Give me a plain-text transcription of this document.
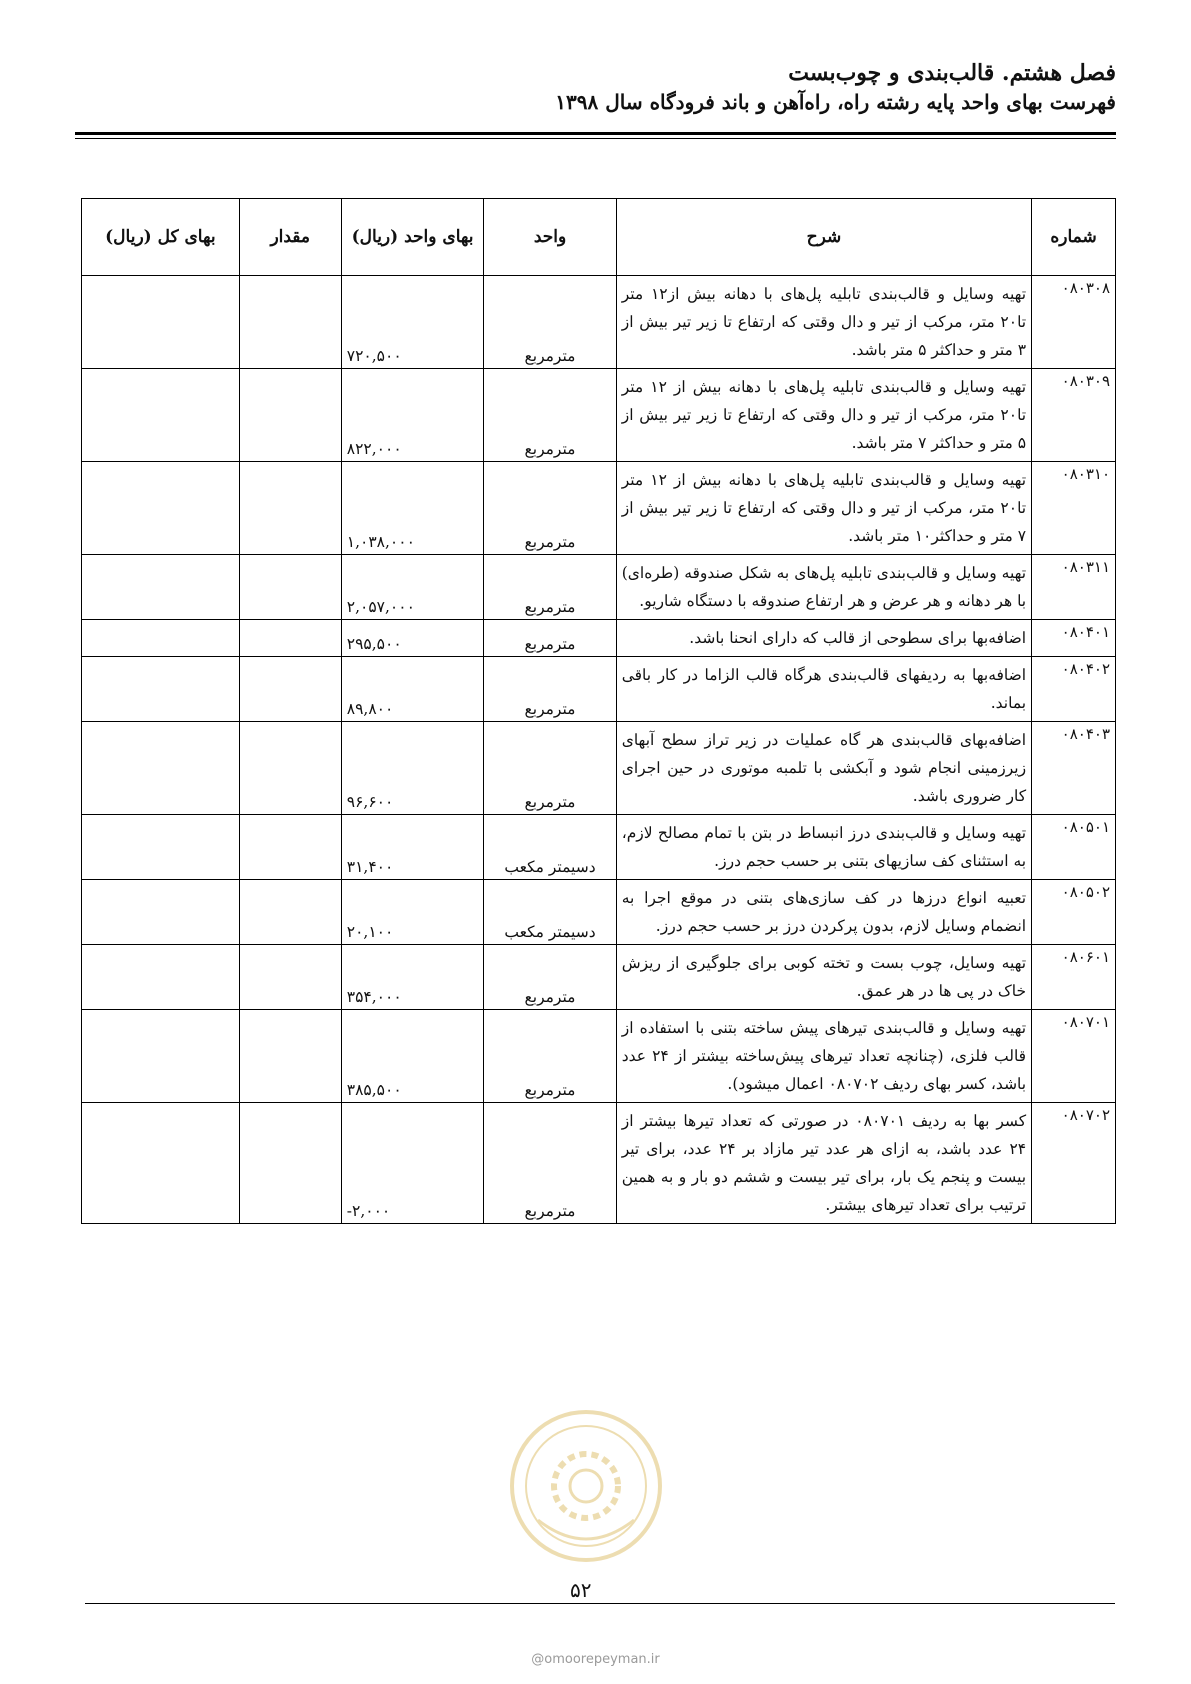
فصل هشتم. قالب‌بندی و چوب‌بست
فهرست بهای واحد پایه رشته راه، راه‌آهن و باند فرودگاه سال ۱۳۹۸
شماره	شرح	واحد	بهای واحد (ریال)	مقدار	بهای کل (ریال)
۰۸۰۳۰۸	تهیه وسایل و قالب‌بندی تابلیه پل‌های با دهانه بیش از۱۲ متر تا۲۰ متر، مرکب از تیر و دال وقتی که ارتفاع تا زیر تیر بیش از ۳ متر و حداکثر ۵ متر باشد.	مترمربع	۷۲۰,۵۰۰		
۰۸۰۳۰۹	تهیه وسایل و قالب‌بندی تابلیه پل‌های با دهانه بیش از ۱۲ متر تا۲۰ متر، مرکب از تیر و دال وقتی که ارتفاع تا زیر تیر بیش از ۵ متر و حداکثر ۷ متر باشد.	مترمربع	۸۲۲,۰۰۰		
۰۸۰۳۱۰	تهیه وسایل و قالب‌بندی تابلیه پل‌های با دهانه بیش از ۱۲ متر تا۲۰ متر، مرکب از تیر و دال وقتی که ارتفاع تا زیر تیر بیش از ۷ متر و حداکثر۱۰ متر باشد.	مترمربع	۱,۰۳۸,۰۰۰		
۰۸۰۳۱۱	تهیه وسایل و قالب‌بندی تابلیه پل‌های به شکل صندوقه (طره‌ای) با هر دهانه و هر عرض و هر ارتفاع صندوقه با دستگاه شاریو.	مترمربع	۲,۰۵۷,۰۰۰		
۰۸۰۴۰۱	اضافه‌بها برای سطوحی از قالب که دارای انحنا باشد.	مترمربع	۲۹۵,۵۰۰		
۰۸۰۴۰۲	اضافه‌بها به ردیفهای قالب‌بندی هرگاه قالب الزاما در کار باقی بماند.	مترمربع	۸۹,۸۰۰		
۰۸۰۴۰۳	اضافه‌بهای قالب‌بندی هر گاه عملیات در زیر تراز سطح آبهای زیرزمینی انجام شود و آبکشی با تلمبه موتوری در حین اجرای کار ضروری باشد.	مترمربع	۹۶,۶۰۰		
۰۸۰۵۰۱	تهیه وسایل و قالب‌بندی درز انبساط در بتن با تمام مصالح لازم، به استثنای کف سازیهای بتنی بر حسب حجم درز.	دسیمتر مکعب	۳۱,۴۰۰		
۰۸۰۵۰۲	تعبیه انواع درزها در کف سازی‌های بتنی در موقع اجرا به انضمام وسایل لازم، بدون پرکردن درز بر حسب حجم درز.	دسیمتر مکعب	۲۰,۱۰۰		
۰۸۰۶۰۱	تهیه وسایل، چوب بست و تخته کوبی برای جلوگیری از ریزش خاک در پی ها در هر عمق.	مترمربع	۳۵۴,۰۰۰		
۰۸۰۷۰۱	تهیه وسایل و قالب‌بندی تیرهای پیش ساخته بتنی با استفاده از قالب فلزی، (چنانچه تعداد تیرهای پیش‌ساخته بیشتر از ۲۴ عدد باشد، کسر بهای ردیف ۰۸۰۷۰۲ اعمال میشود).	مترمربع	۳۸۵,۵۰۰		
۰۸۰۷۰۲	کسر بها به ردیف ۰۸۰۷۰۱ در صورتی که تعداد تیرها بیشتر از ۲۴ عدد باشد، به ازای هر عدد تیر مازاد بر ۲۴ عدد، برای تیر بیست و پنجم یک بار، برای تیر بیست و ششم دو بار و به همین ترتیب برای تعداد تیرهای بیشتر.	مترمربع	-۲,۰۰۰		
۵۲
@omoorepeyman.ir
